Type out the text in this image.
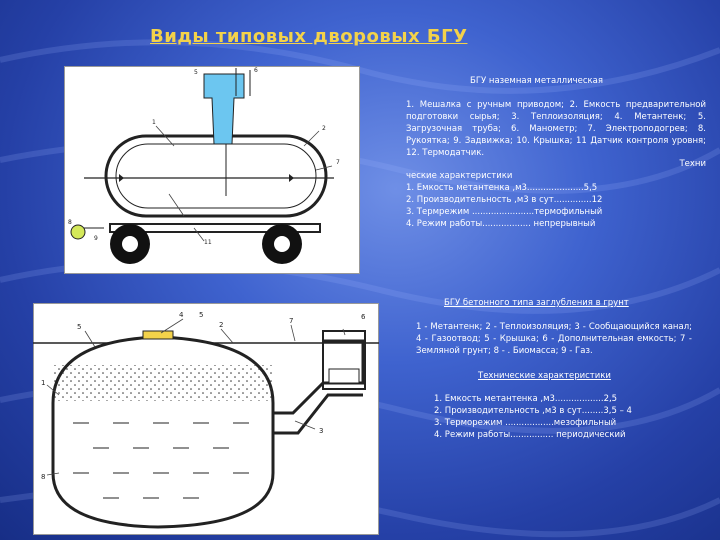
Виды типовых дворовых БГУ
5	6
1
2
7
11
8
9
БГУ наземная металлическая
1. Мешалка с ручным приводом; 2. Емкость предварительной подготовки сырья; 3. Теплоизоляция; 4. Метантенк; 5. Загрузочная труба; 6. Манометр; 7. Электроподогрев; 8. Рукоятка; 9. Задвижка; 10. Крышка; 11 Датчик контроля уровня; 12. Термодатчик.
Техни
ческие характеристики
1. Емкость метантенка ,м3.....................5,5
2. Производительность ,м3 в сут..............12
3. Термрежим .......................термофильный
4. Режим работы.................. непрерывный
5
4 5
2	7	6
1
3
8
БГУ бетонного типа заглубления в грунт
1 - Метантенк; 2 - Теплоизоляция; 3 - Сообщающийся канал; 4 - Газоотвод; 5 - Крышка; 6 - Дополнительная емкость; 7 - Земляной грунт; 8 - . Биомасса; 9 - Газ.
Технические характеристики
1. Емкость метантенка ,м3..................2,5
2. Производительность ,м3 в сут........3,5 – 4
3. Терморежим ..................мезофильный
4. Режим работы................ периодический
